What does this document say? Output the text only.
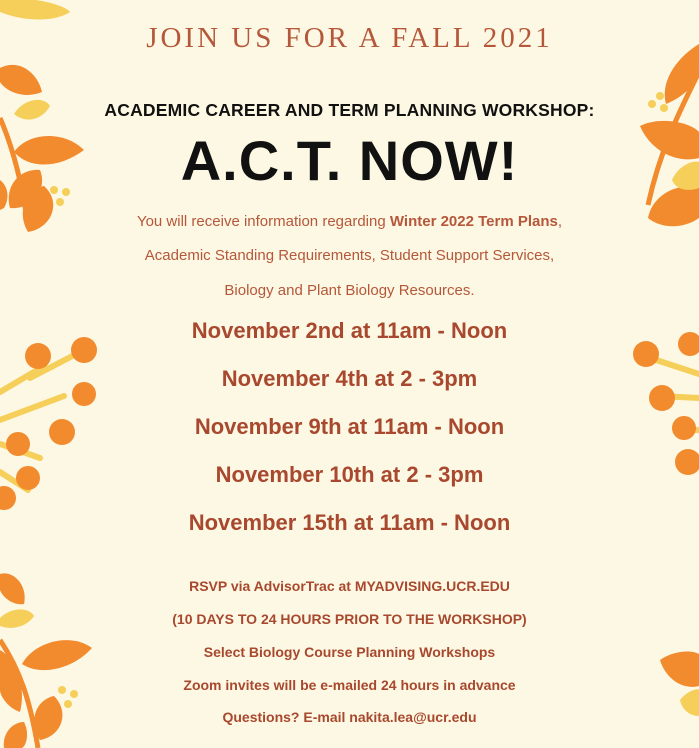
JOIN US FOR A FALL 2021

ACADEMIC CAREER AND TERM PLANNING WORKSHOP:

A.C.T. NOW!

You will receive information regarding Winter 2022 Term Plans,

Academic Standing Requirements, Student Support Services,

Biology and Plant Biology Resources.

November 2nd at 11am - Noon

November 4th at 2 - 3pm

November 9th at 11am - Noon

November 10th at 2 - 3pm

November 15th at 11am - Noon

RSVP via AdvisorTrac at MYADVISING.UCR.EDU

(10 DAYS TO 24 HOURS PRIOR TO THE WORKSHOP)

Select Biology Course Planning Workshops

Zoom invites will be e-mailed 24 hours in advance

Questions? E-mail nakita.lea@ucr.edu
